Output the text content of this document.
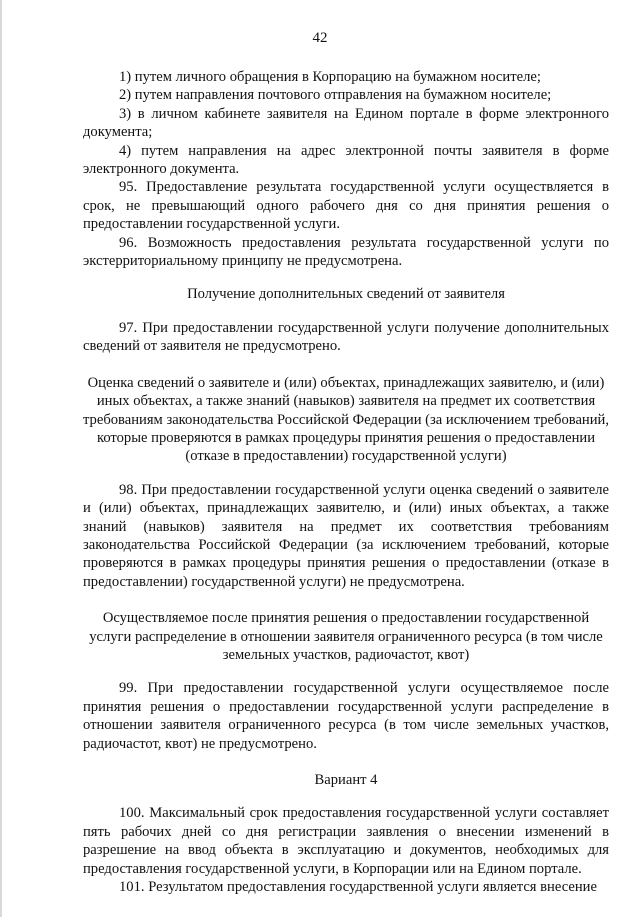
42

1) путем личного обращения в Корпорацию на бумажном носителе;

2) путем направления почтового отправления на бумажном носителе;

3) в личном кабинете заявителя на Едином портале в форме электронного документа;

4) путем направления на адрес электронной почты заявителя в форме электронного документа.

95. Предоставление результата государственной услуги осуществляется в срок, не превышающий одного рабочего дня со дня принятия решения о предоставлении государственной услуги.

96. Возможность предоставления результата государственной услуги по экстерриториальному принципу не предусмотрена.

Получение дополнительных сведений от заявителя

97. При предоставлении государственной услуги получение дополнительных сведений от заявителя не предусмотрено.

Оценка сведений о заявителе и (или) объектах, принадлежащих заявителю, и (или) иных объектах, а также знаний (навыков) заявителя на предмет их соответствия требованиям законодательства Российской Федерации (за исключением требований, которые проверяются в рамках процедуры принятия решения о предоставлении (отказе в предоставлении) государственной услуги)

98. При предоставлении государственной услуги оценка сведений о заявителе и (или) объектах, принадлежащих заявителю, и (или) иных объектах, а также знаний (навыков) заявителя на предмет их соответствия требованиям законодательства Российской Федерации (за исключением требований, которые проверяются в рамках процедуры принятия решения о предоставлении (отказе в предоставлении) государственной услуги) не предусмотрена.

Осуществляемое после принятия решения о предоставлении государственной услуги распределение в отношении заявителя ограниченного ресурса (в том числе земельных участков, радиочастот, квот)

99. При предоставлении государственной услуги осуществляемое после принятия решения о предоставлении государственной услуги распределение в отношении заявителя ограниченного ресурса (в том числе земельных участков, радиочастот, квот) не предусмотрено.

Вариант 4

100. Максимальный срок предоставления государственной услуги составляет пять рабочих дней со дня регистрации заявления о внесении изменений в разрешение на ввод объекта в эксплуатацию и документов, необходимых для предоставления государственной услуги, в Корпорации или на Едином портале.

101. Результатом предоставления государственной услуги является внесение
